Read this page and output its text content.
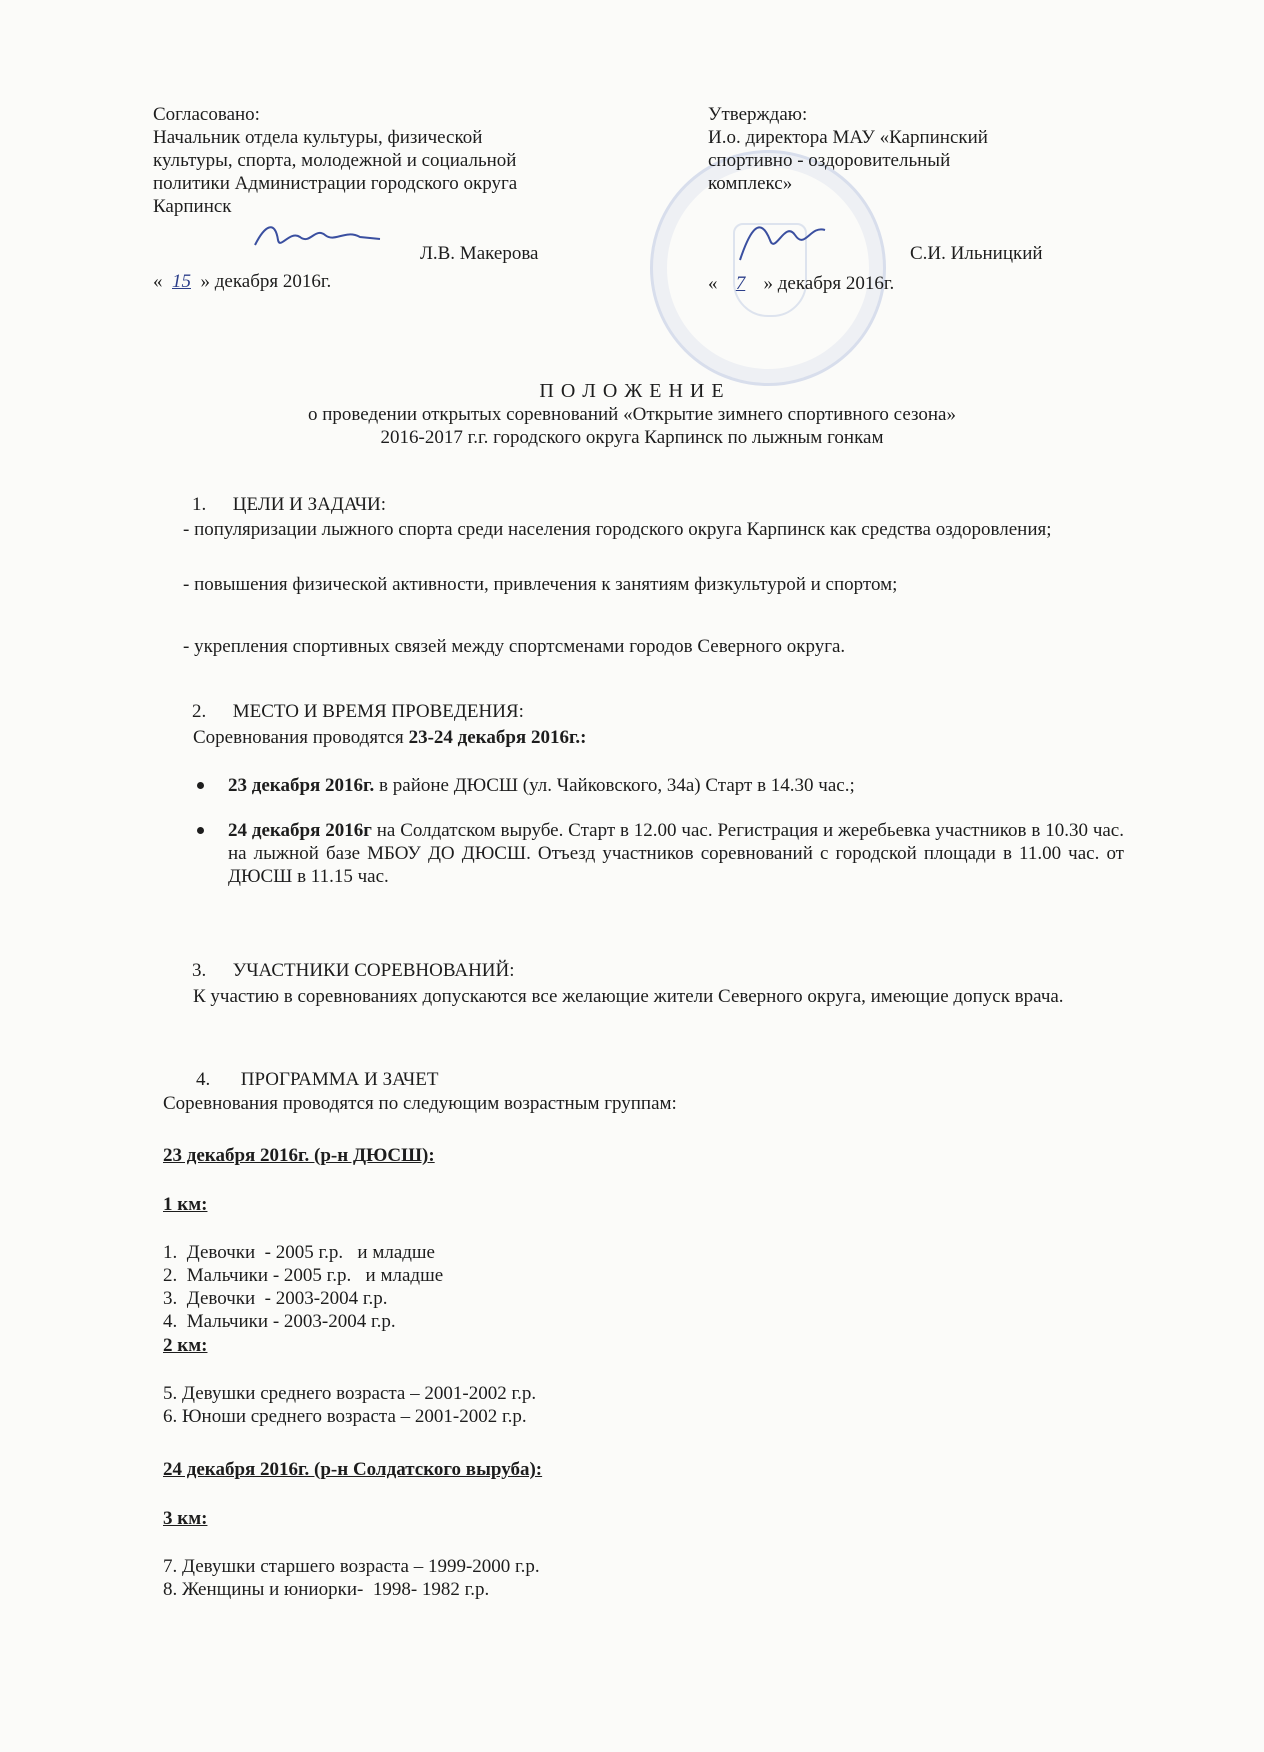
Согласовано:
Начальник отдела культуры, физической
культуры, спорта, молодежной и социальной
политики Администрации городского округа
Карпинск
Л.В. Макерова
« 15 » декабря 2016г.
Утверждаю:
И.о. директора МАУ «Карпинский
спортивно - оздоровительный
комплекс»
С.И. Ильницкий
« 7 » декабря 2016г.
П О Л О Ж Е Н И Е
о проведении открытых соревнований «Открытие зимнего спортивного сезона»
2016-2017 г.г. городского округа Карпинск по лыжным гонкам
1. ЦЕЛИ И ЗАДАЧИ:
- популяризации лыжного спорта среди населения городского округа Карпинск как средства оздоровления;
- повышения физической активности, привлечения к занятиям физкультурой и спортом;
- укрепления спортивных связей между спортсменами городов Северного округа.
2. МЕСТО И ВРЕМЯ ПРОВЕДЕНИЯ:
Соревнования проводятся 23-24 декабря 2016г.:
23 декабря 2016г. в районе ДЮСШ (ул. Чайковского, 34а) Старт в 14.30 час.;
24 декабря 2016г на Солдатском вырубе. Старт в 12.00 час. Регистрация и жеребьевка участников в 10.30 час. на лыжной базе МБОУ ДО ДЮСШ. Отъезд участников соревнований с городской площади в 11.00 час. от ДЮСШ в 11.15 час.
3. УЧАСТНИКИ СОРЕВНОВАНИЙ:
К участию в соревнованиях допускаются все желающие жители Северного округа, имеющие допуск врача.
4. ПРОГРАММА И ЗАЧЕТ
Соревнования проводятся по следующим возрастным группам:
23 декабря 2016г. (р-н ДЮСШ):
1 км:
1.  Девочки  - 2005 г.р.   и младше
2.  Мальчики - 2005 г.р.   и младше
3.  Девочки  - 2003-2004 г.р.
4.  Мальчики - 2003-2004 г.р.
2 км:
5. Девушки среднего возраста – 2001-2002 г.р.
6. Юноши среднего возраста – 2001-2002 г.р.
24 декабря 2016г. (р-н Солдатского выруба):
3 км:
7. Девушки старшего возраста – 1999-2000 г.р.
8. Женщины и юниорки-  1998- 1982 г.р.
